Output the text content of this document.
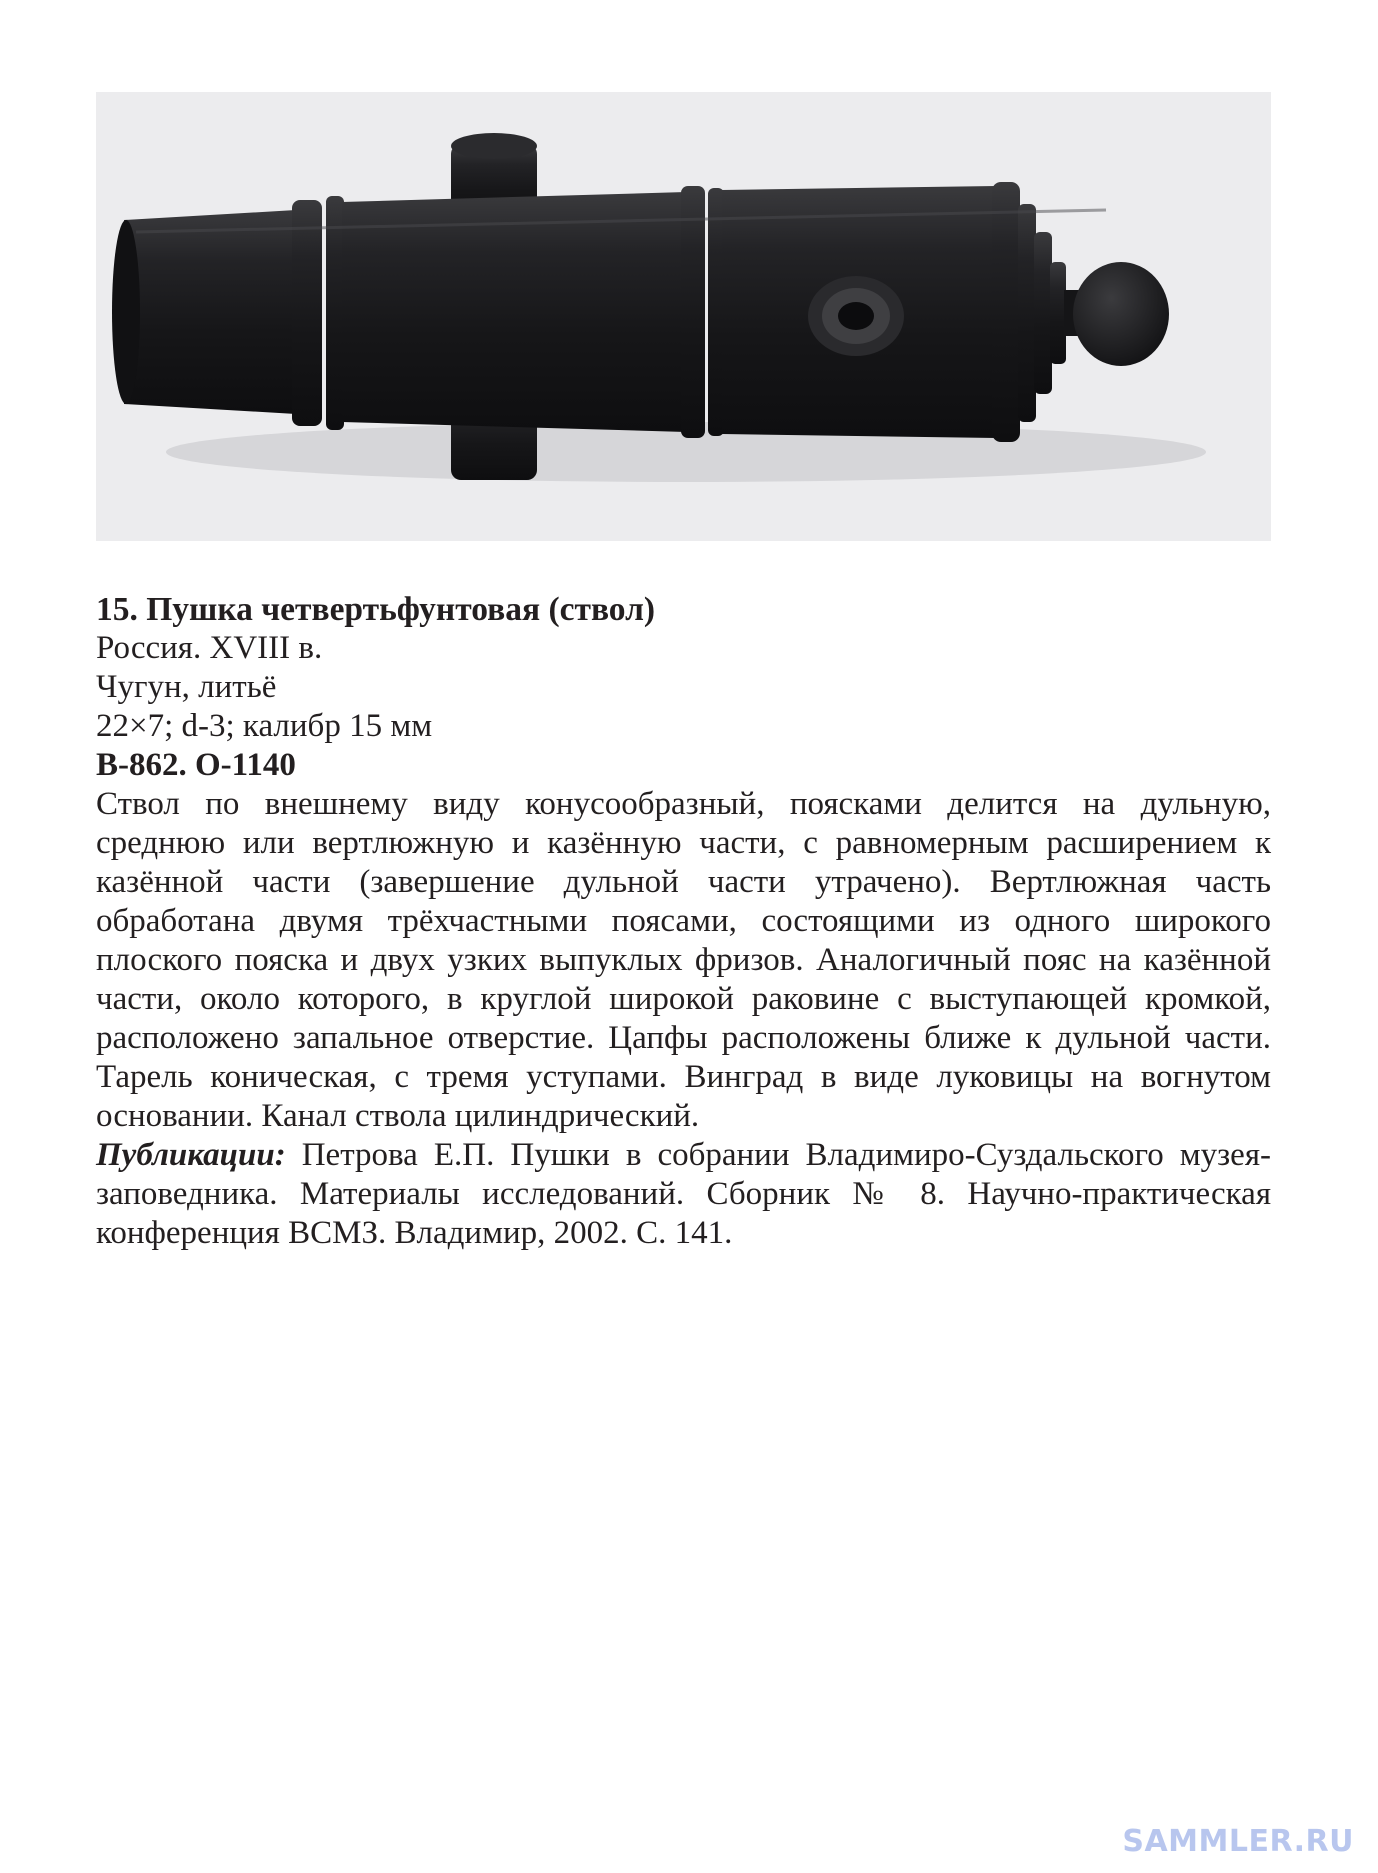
15. Пушка четвертьфунтовая (ствол)

Россия. XVIII в.

Чугун, литьё

22×7; d-3; калибр 15 мм

В-862. О-1140

Ствол по внешнему виду конусообразный, поясками делится на дульную, среднюю или вертлюжную и казённую части, с равномерным расширением к казённой части (завершение дульной части утрачено). Вертлюжная часть обработана двумя трёхчастными поясами, состоящими из одного широкого плоского пояска и двух узких выпуклых фризов. Аналогичный пояс на казённой части, около которого, в круглой широкой раковине с выступающей кромкой, расположено запальное отверстие. Цапфы расположены ближе к дульной части. Тарель коническая, с тремя уступами. Винград в виде луковицы на вогнутом основании. Канал ствола цилиндрический.

Публикации: Петрова Е.П. Пушки в собрании Владимиро-Суздальского музея-заповедника. Материалы исследований. Сборник № 8. Научно-практическая конференция ВСМЗ. Владимир, 2002. С. 141.

SAMMLER.RU
